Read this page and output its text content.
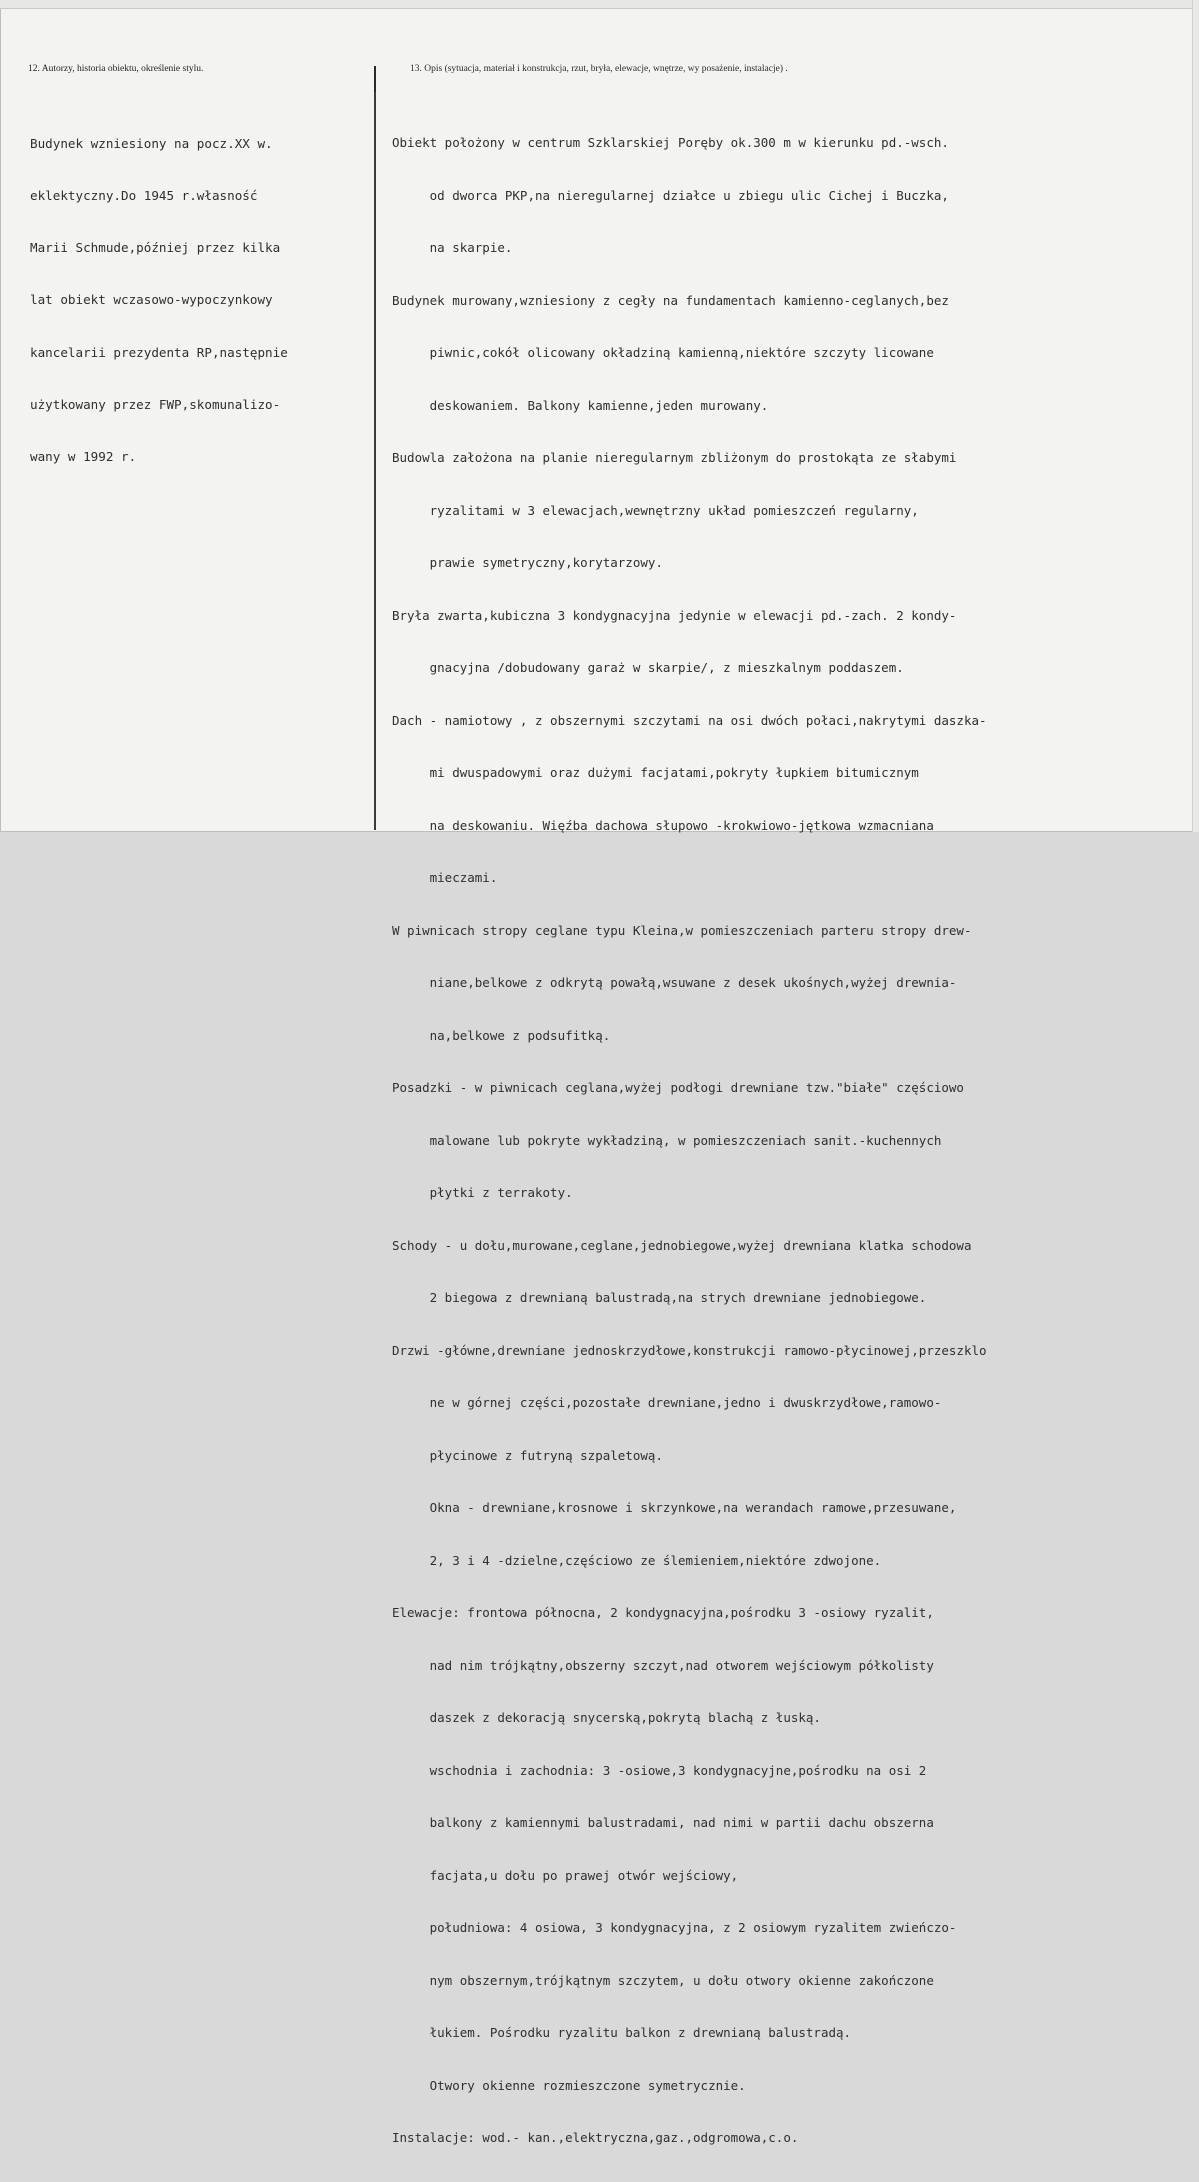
12. Autorzy, historia obiektu, określenie stylu.	13. Opis (sytuacja, materiał i konstrukcja, rzut, bryła, elewacje, wnętrze, wy posażenie, instalacje) .

Budynek wzniesiony na pocz.XX w.

eklektyczny.Do 1945 r.własność

Marii Schmude,później przez kilka

lat obiekt wczasowo-wypoczynkowy

kancelarii prezydenta RP,następnie

użytkowany przez FWP,skomunalizo-

wany w 1992 r.

Obiekt położony w centrum Szklarskiej Poręby ok.300 m w kierunku pd.-wsch.

od dworca PKP,na nieregularnej działce u zbiegu ulic Cichej i Buczka,

na skarpie.

Budynek murowany,wzniesiony z cegły na fundamentach kamienno-ceglanych,bez

piwnic,cokół olicowany okładziną kamienną,niektóre szczyty licowane

deskowaniem. Balkony kamienne,jeden murowany.

Budowla założona na planie nieregularnym zbliżonym do prostokąta ze słabymi

ryzalitami w 3 elewacjach,wewnętrzny układ pomieszczeń regularny,

prawie symetryczny,korytarzowy.

Bryła zwarta,kubiczna 3 kondygnacyjna jedynie w elewacji pd.-zach. 2 kondy-

gnacyjna /dobudowany garaż w skarpie/, z mieszkalnym poddaszem.

Dach - namiotowy , z obszernymi szczytami na osi dwóch połaci,nakrytymi daszka-

mi dwuspadowymi oraz dużymi facjatami,pokryty łupkiem bitumicznym

na deskowaniu. Więźba dachowa słupowo -krokwiowo-jętkowa wzmacniana

mieczami.

W piwnicach stropy ceglane typu Kleina,w pomieszczeniach parteru stropy drew-

niane,belkowe z odkrytą powałą,wsuwane z desek ukośnych,wyżej drewnia-

na,belkowe z podsufitką.

Posadzki - w piwnicach ceglana,wyżej podłogi drewniane tzw."białe" częściowo

malowane lub pokryte wykładziną, w pomieszczeniach sanit.-kuchennych

płytki z terrakoty.

Schody - u dołu,murowane,ceglane,jednobiegowe,wyżej drewniana klatka schodowa

2 biegowa z drewnianą balustradą,na strych drewniane jednobiegowe.

Drzwi -główne,drewniane jednoskrzydłowe,konstrukcji ramowo-płycinowej,przeszklo

ne w górnej części,pozostałe drewniane,jedno i dwuskrzydłowe,ramowo-

płycinowe z futryną szpaletową.

Okna - drewniane,krosnowe i skrzynkowe,na werandach ramowe,przesuwane,

2, 3 i 4 -dzielne,częściowo ze ślemieniem,niektóre zdwojone.

Elewacje: frontowa północna, 2 kondygnacyjna,pośrodku 3 -osiowy ryzalit,

nad nim trójkątny,obszerny szczyt,nad otworem wejściowym półkolisty

daszek z dekoracją snycerską,pokrytą blachą z łuską.

wschodnia i zachodnia: 3 -osiowe,3 kondygnacyjne,pośrodku na osi 2

balkony z kamiennymi balustradami, nad nimi w partii dachu obszerna

facjata,u dołu po prawej otwór wejściowy,

południowa: 4 osiowa, 3 kondygnacyjna, z 2 osiowym ryzalitem zwieńczo-

nym obszernym,trójkątnym szczytem, u dołu otwory okienne zakończone

łukiem. Pośrodku ryzalitu balkon z drewnianą balustradą.

Otwory okienne rozmieszczone symetrycznie.

Instalacje: wod.- kan.,elektryczna,gaz.,odgromowa,c.o.
